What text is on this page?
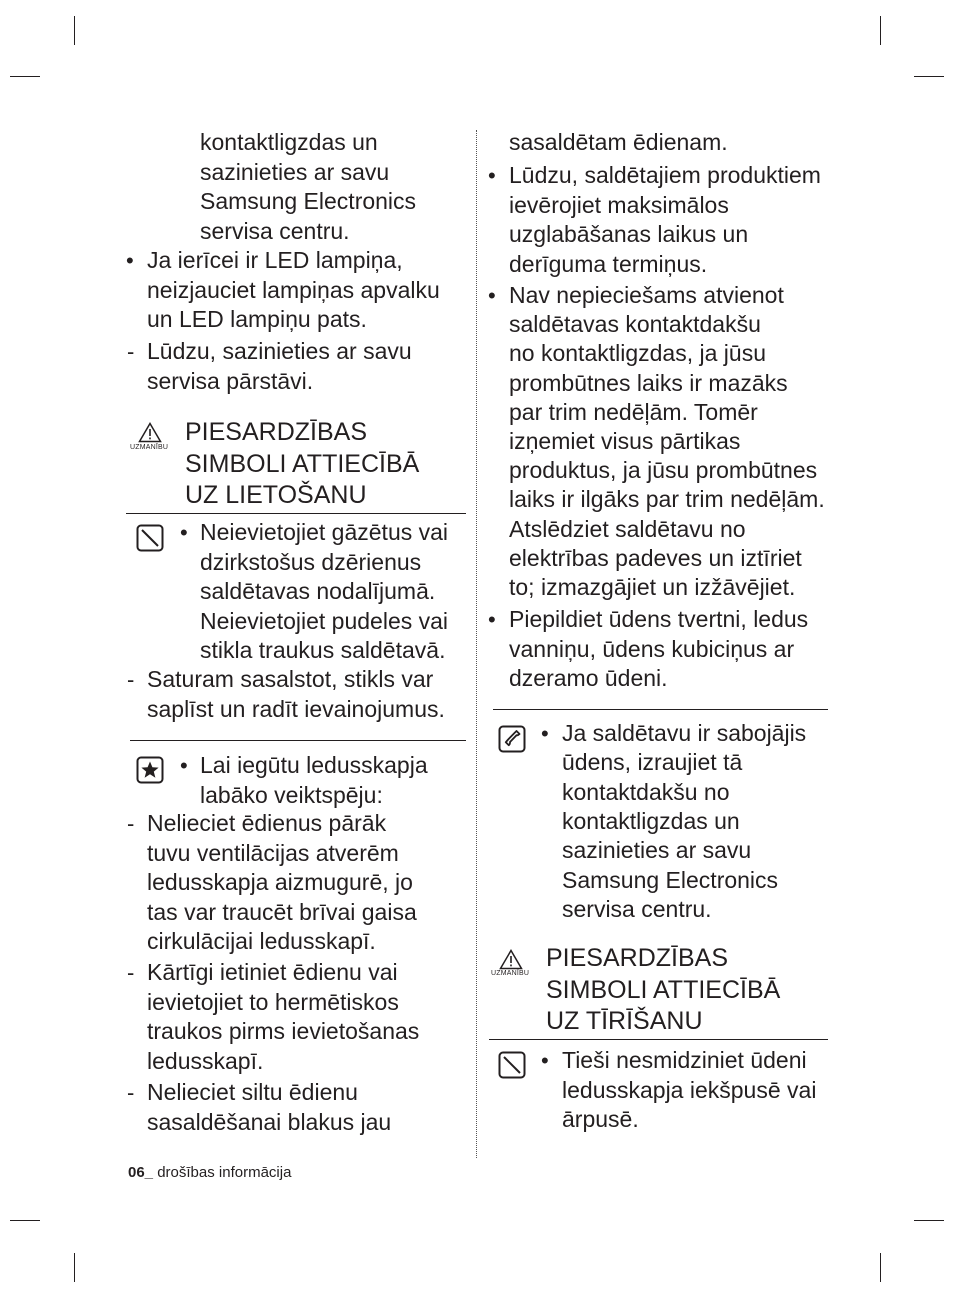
kontaktligzdas un
sazinieties ar savu
Samsung Electronics
servisa centru.
• Ja ierīcei ir LED lampiņa,
neizjauciet lampiņas apvalku
un LED lampiņu pats.
- Lūdzu, sazinieties ar savu
servisa pārstāvi.
UZMANĪBU
PIESARDZĪBAS
SIMBOLI ATTIECĪBĀ
UZ LIETOŠANU
• Neievietojiet gāzētus vai
dzirkstošus dzērienus
saldētavas nodalījumā.
Neievietojiet pudeles vai
stikla traukus saldētavā.
- Saturam sasalstot, stikls var
saplīst un radīt ievainojumus.
• Lai iegūtu ledusskapja
labāko veiktspēju:
- Nelieciet ēdienus pārāk
tuvu ventilācijas atverēm
ledusskapja aizmugurē, jo
tas var traucēt brīvai gaisa
cirkulācijai ledusskapī.
- Kārtīgi ietiniet ēdienu vai
ievietojiet to hermētiskos
traukos pirms ievietošanas
ledusskapī.
- Nelieciet siltu ēdienu
sasaldēšanai blakus jau
sasaldētam ēdienam.
• Lūdzu, saldētajiem produktiem
ievērojiet maksimālos
uzglabāšanas laikus un
derīguma termiņus.
• Nav nepieciešams atvienot
saldētavas kontaktdakšu
no kontaktligzdas, ja jūsu
prombūtnes laiks ir mazāks
par trim nedēļām. Tomēr
izņemiet visus pārtikas
produktus, ja jūsu prombūtnes
laiks ir ilgāks par trim nedēļām.
Atslēdziet saldētavu no
elektrības padeves un iztīriet
to; izmazgājiet un izžāvējiet.
• Piepildiet ūdens tvertni, ledus
vanniņu, ūdens kubiciņus ar
dzeramo ūdeni.
• Ja saldētavu ir sabojājis
ūdens, izraujiet tā
kontaktdakšu no
kontaktligzdas un
sazinieties ar savu
Samsung Electronics
servisa centru.
UZMANĪBU
PIESARDZĪBAS
SIMBOLI ATTIECĪBĀ
UZ TĪRĪŠANU
• Tieši nesmidziniet ūdeni
ledusskapja iekšpusē vai
ārpusē.
06_ drošības informācija
